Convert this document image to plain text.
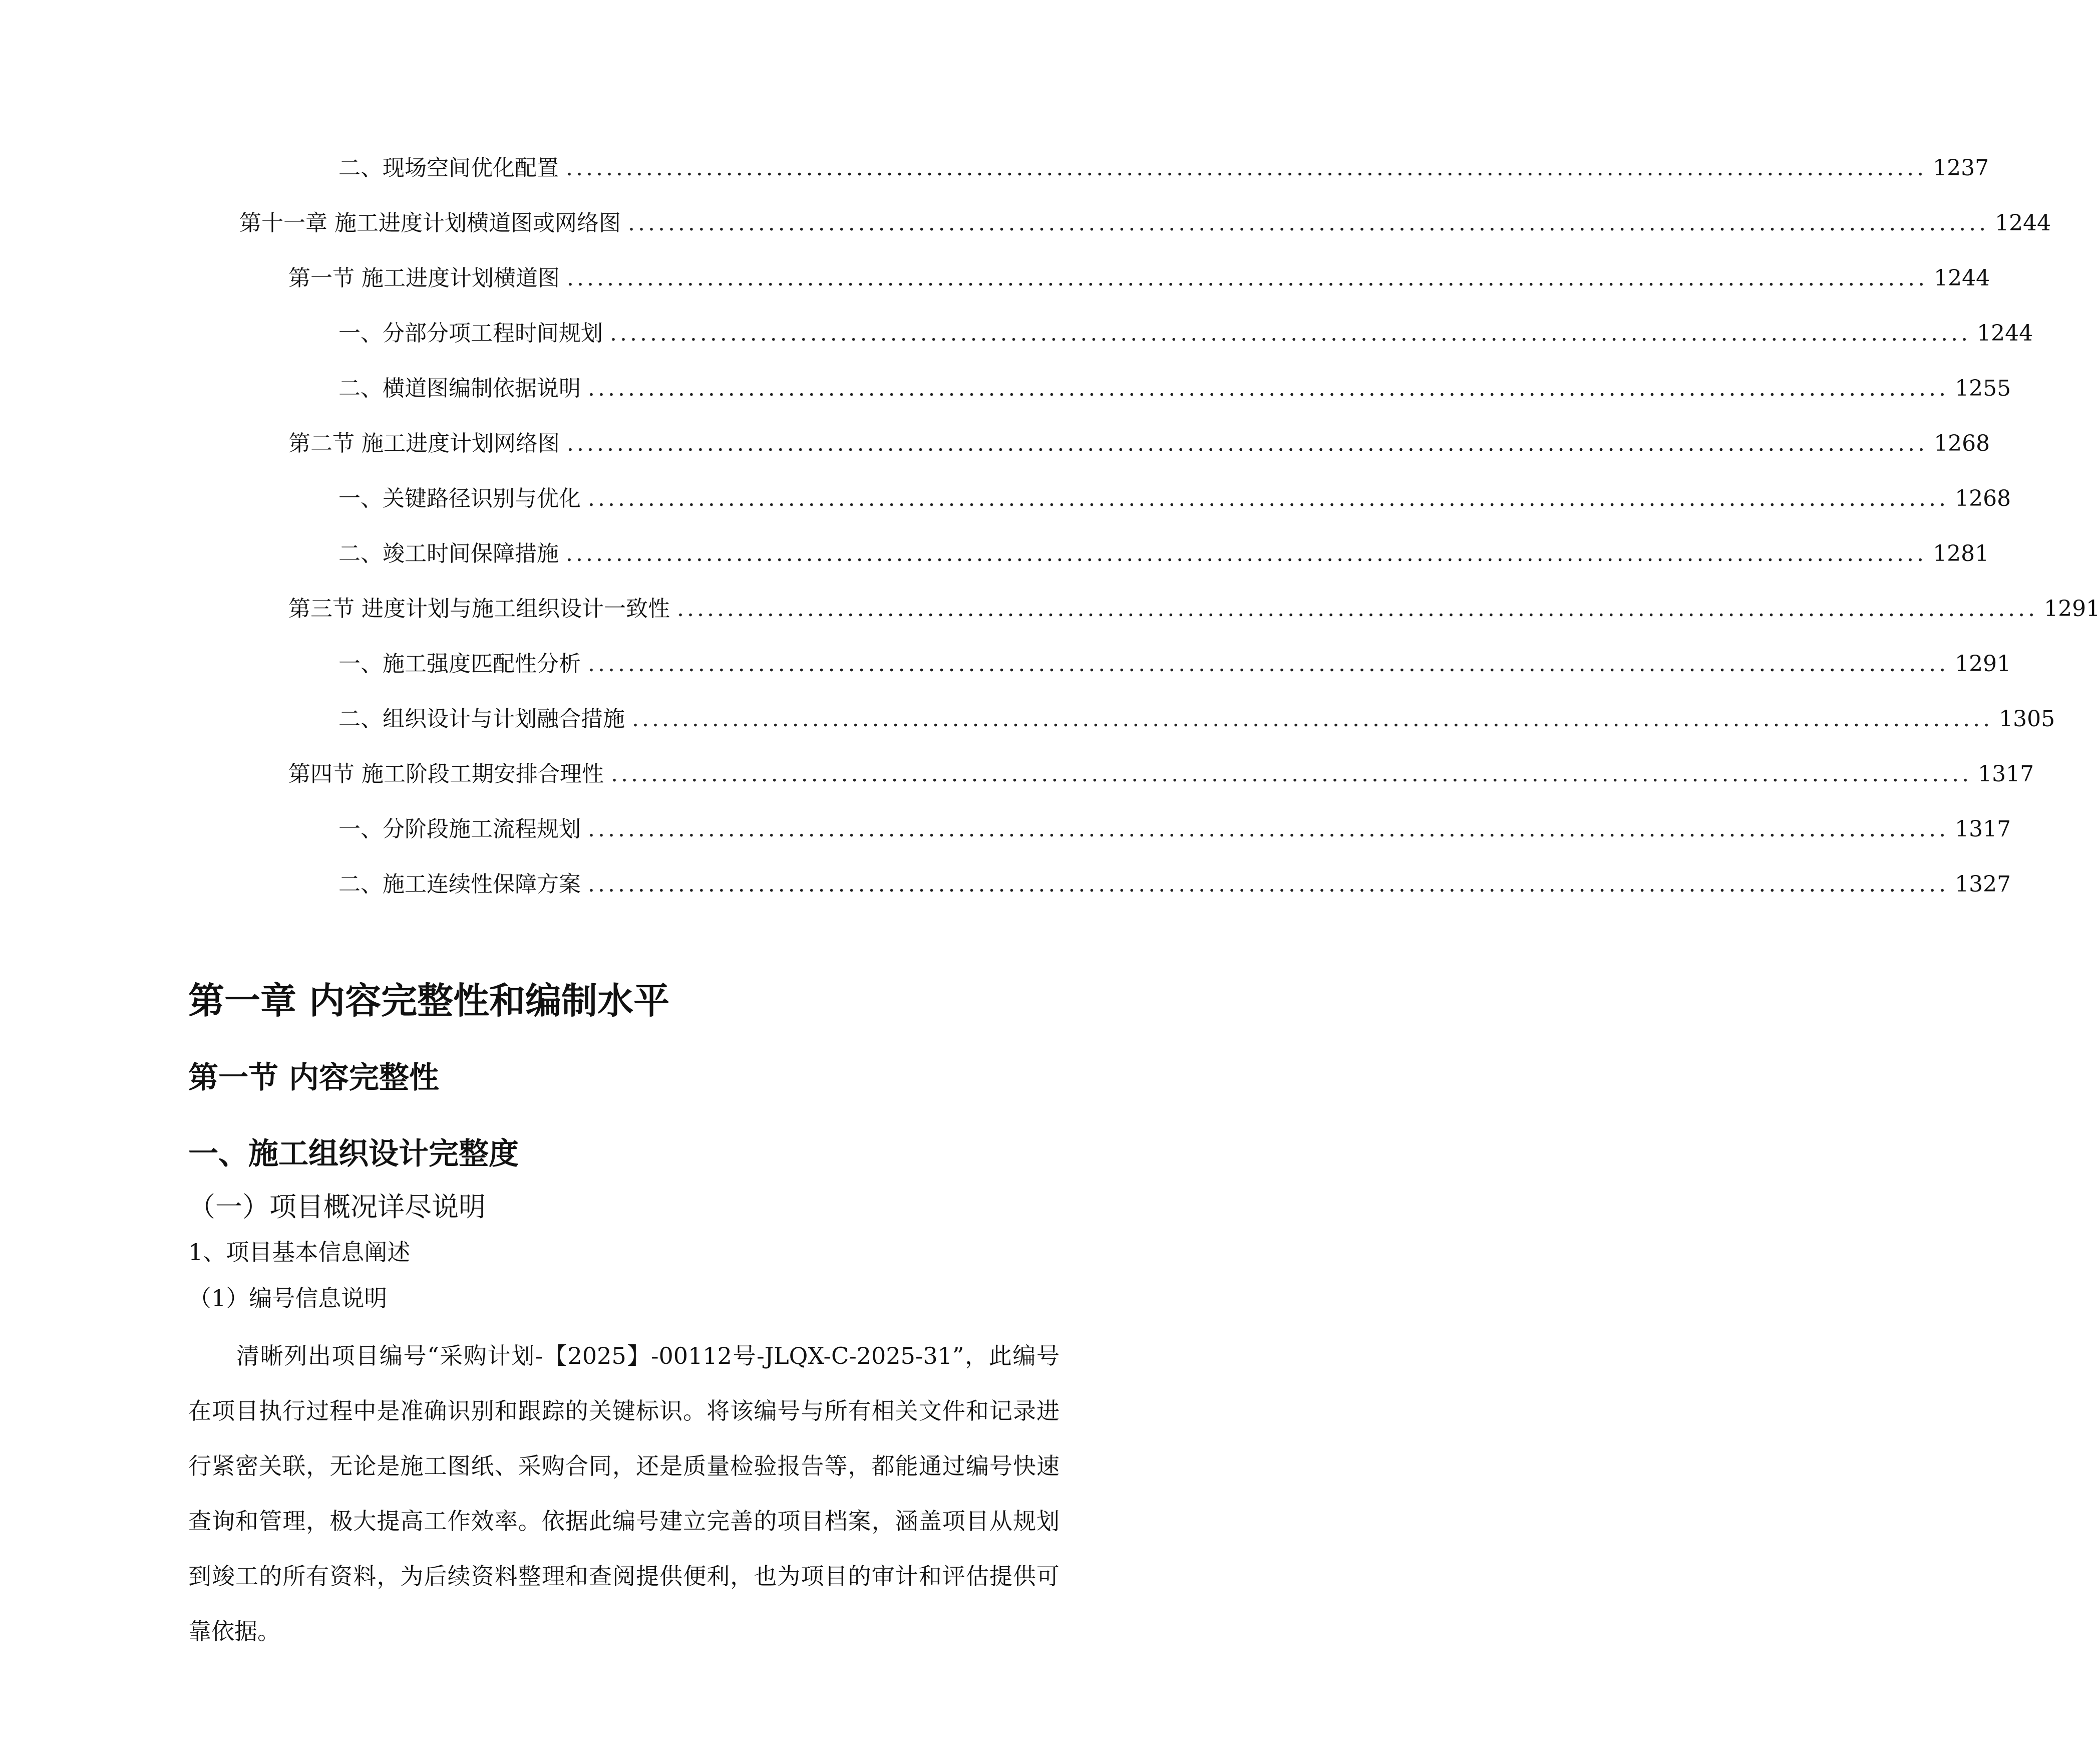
二、 现场空间优化配置 ........................................................................................................................................ 1237
第十一章 施工进度计划横道图或网络图 ........................................................................................................................................ 1244
第一节 施工进度计划横道图 ........................................................................................................................................ 1244
一、 分部分项工程时间规划 ........................................................................................................................................ 1244
二、 横道图编制依据说明 ........................................................................................................................................ 1255
第二节 施工进度计划网络图 ........................................................................................................................................ 1268
一、 关键路径识别与优化 ........................................................................................................................................ 1268
二、 竣工时间保障措施 ........................................................................................................................................ 1281
第三节 进度计划与施工组织设计一致性 ........................................................................................................................................ 1291
一、 施工强度匹配性分析 ........................................................................................................................................ 1291
二、 组织设计与计划融合措施 ........................................................................................................................................ 1305
第四节 施工阶段工期安排合理性 ........................................................................................................................................ 1317
一、 分阶段施工流程规划 ........................................................................................................................................ 1317
二、 施工连续性保障方案 ........................................................................................................................................ 1327
第一章 内容完整性和编制水平
第一节 内容完整性
一、施工组织设计完整度
（一）项目概况详尽说明
1、项目基本信息阐述
（1）编号信息说明

清晰列出项目编号“采购计划-【2025】-00112号-JLQX-C-2025-31”，此编号在项目执行过程中是准确识别和跟踪的关键标识。将该编号与所有相关文件和记录进行紧密关联，无论是施工图纸、采购合同，还是质量检验报告等，都能通过编号快速查询和管理，极大提高工作效率。依据此编号建立完善的项目档案，涵盖项目从规划到竣工的所有资料，为后续资料整理和查阅提供便利，也为项目的审计和评估提供可靠依据。
